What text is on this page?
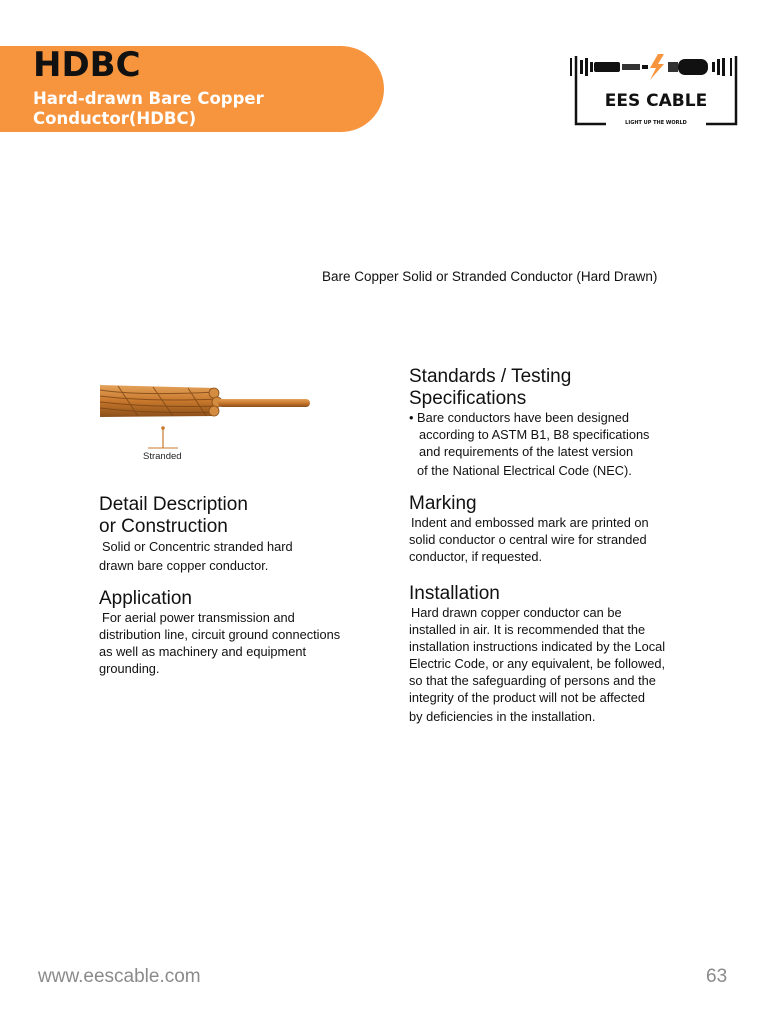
HDBC
Hard-drawn Bare Copper Conductor(HDBC)
EES CABLE
LIGHT UP THE WORLD
Bare Copper Solid or Stranded Conductor (Hard Drawn)
Stranded
Detail Description
or Construction

Solid or Concentric stranded hard

drawn bare copper conductor.

Application

For aerial power transmission and

distribution line, circuit ground connections

as well as machinery and equipment

grounding.

Standards / Testing
Specifications

• Bare conductors have been designed

according to ASTM B1, B8 specifications

and requirements of the latest version

of the National Electrical Code (NEC).

Marking

Indent and embossed mark are printed on

solid conductor o central wire for stranded

conductor, if requested.

Installation

Hard drawn copper conductor can be

installed in air. It is recommended that the

installation instructions indicated by the Local

Electric Code, or any equivalent, be followed,

so that the safeguarding of persons and the

integrity of the product will not be affected

by deficiencies in the installation.

www.eescable.com	63
